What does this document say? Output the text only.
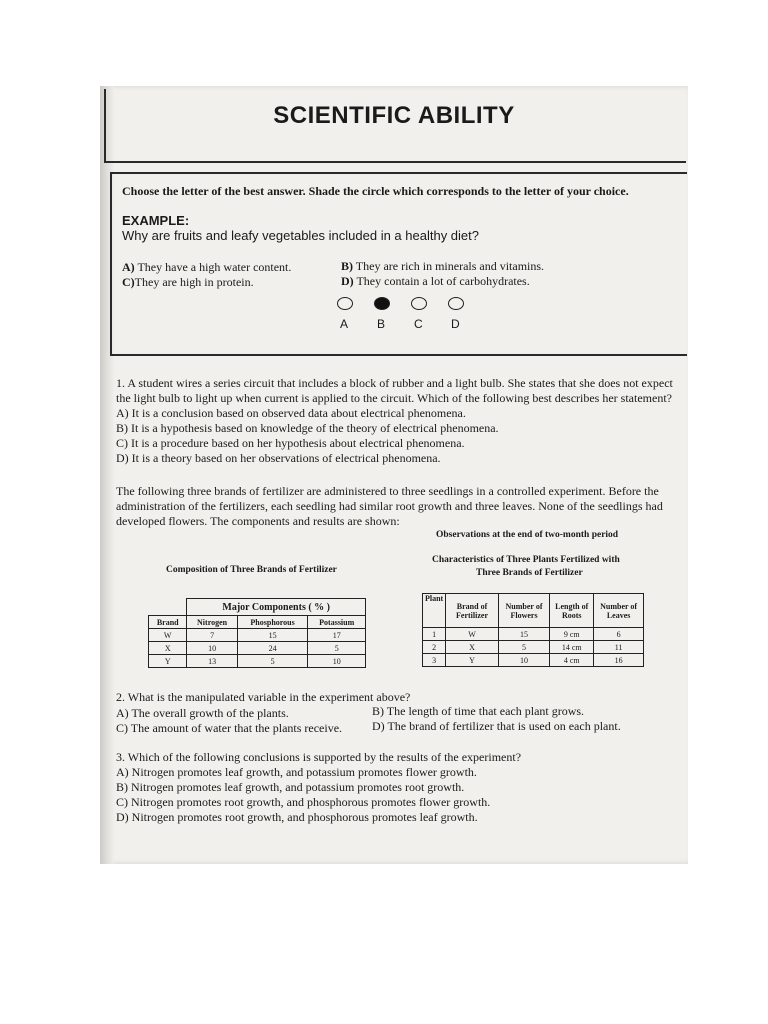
SCIENTIFIC ABILITY
Choose the letter of the best answer. Shade the circle which corresponds to the letter of your choice.
EXAMPLE:
Why are fruits and leafy vegetables included in a healthy diet?
A) They have a high water content.	B) They are rich in minerals and vitamins.
C)They are high in protein.	D) They contain a lot of carbohydrates.
A	B	C	D
1. A student wires a series circuit that includes a block of rubber and a light bulb. She states that she does not expect
the light bulb to light up when current is applied to the circuit. Which of the following best describes her statement?
A) It is a conclusion based on observed data about electrical phenomena.
B) It is a hypothesis based on knowledge of the theory of electrical phenomena.
C) It is a procedure based on her hypothesis about electrical phenomena.
D) It is a theory based on her observations of electrical phenomena.
The following three brands of fertilizer are administered to three seedlings in a controlled experiment. Before the
administration of the fertilizers, each seedling had similar root growth and three leaves. None of the seedlings had
developed flowers. The components and results are shown:
Observations at the end of two-month period
Composition of Three Brands of Fertilizer
Characteristics of Three Plants Fertilized with
Three Brands of Fertilizer
	Major Components ( % )		
Brand	Nitrogen	Phosphorous	Potassium
W	7	15	17
X	10	24	5
Y	13	5	10
Plant	Brand of Fertilizer	Number of Flowers	Length of Roots	Number of Leaves
1	W	15	9 cm	6
2	X	5	14 cm	11
3	Y	10	4 cm	16
2. What is the manipulated variable in the experiment above?
A) The overall growth of the plants.	B) The length of time that each plant grows.
C) The amount of water that the plants receive. D) The brand of fertilizer that is used on each plant.
3. Which of the following conclusions is supported by the results of the experiment?
A) Nitrogen promotes leaf growth, and potassium promotes flower growth.
B) Nitrogen promotes leaf growth, and potassium promotes root growth.
C) Nitrogen promotes root growth, and phosphorous promotes flower growth.
D) Nitrogen promotes root growth, and phosphorous promotes leaf growth.
